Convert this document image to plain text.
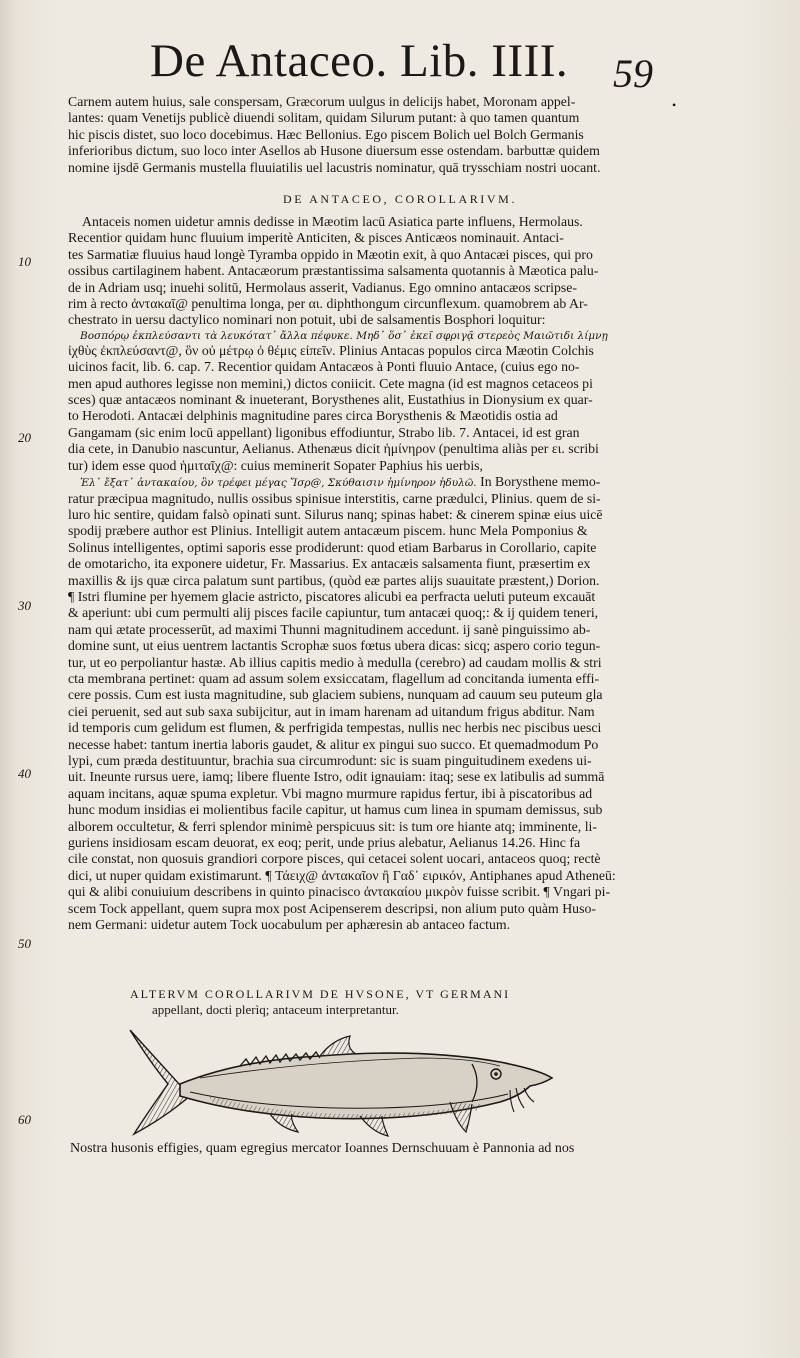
De Antaceo. Lib. IIII. 59
•

Carnem autem huius, sale conspersam, Græcorum uulgus in delicijs habet, Moronam appel-

lantes: quam Venetijs publicè diuendi solitam, quidam Silurum putant: à quo tamen quantum

hic piscis distet, suo loco docebimus. Hæc Bellonius. Ego piscem Bolich uel Bolch Germanis

inferioribus dictum, suo loco inter Asellos ab Husone diuersum esse ostendam. barbuttæ quidem

nomine ijsdē Germanis mustella fluuiatilis uel lacustris nominatur, quā trysschiam nostri uocant.

DE ANTACEO, COROLLARIVM.

Antaceis nomen uidetur amnis dedisse in Mæotim lacū Asiatica parte influens, Hermolaus.

Recentior quidam hunc fluuium imperitè Anticiten, & pisces Anticæos nominauit. Antaci-

tes Sarmatiæ fluuius haud longè Tyramba oppido in Mæotin exit, à quo Antacæi pisces, qui pro

ossibus cartilaginem habent. Antacæorum præstantissima salsamenta quotannis à Mæotica palu-

de in Adriam usq; inuehi solitū, Hermolaus asserit, Vadianus. Ego omnino antacæos scripse-

rim à recto ἀντακαῖ@ penultima longa, per αι. diphthongum circunflexum. quamobrem ab Ar-

chestrato in uersu dactylico nominari non potuit, ubi de salsamentis Bosphori loquitur:

Βοσπόρῳ ἐκπλεύσαντι τὰ λευκότατ᾽ ἄλλα πέφυκε. Μηδ᾽ ὅσ᾽ ἐκεῖ σφριγᾷ στερεὸς Μαιῶτιδι λίμνῃ

ἰχθὺς ἐκπλεύσαντ@, ὃν οὐ μέτρῳ ὀ θέμις εἰπεῖν. Plinius Antacas populos circa Mæotin Colchis

uicinos facit, lib. 6. cap. 7. Recentior quidam Antacæos à Ponti fluuio Antace, (cuius ego no-

men apud authores legisse non memini,) dictos coniicit. Cete magna (id est magnos cetaceos pi

sces) quæ antacæos nominant & inueterant, Borysthenes alit, Eustathius in Dionysium ex quar-

to Herodoti. Antacæi delphinis magnitudine pares circa Borysthenis & Mæotidis ostia ad

Gangamam (sic enim locū appellant) ligonibus effodiuntur, Strabo lib. 7. Antacei, id est gran

dia cete, in Danubio nascuntur, Aelianus. Athenæus dicit ἡμίνηρον (penultima aliàs per ει. scribi

tur) idem esse quod ἡμιταῖχ@: cuius meminerit Sopater Paphius his uerbis,

Ἐλ᾽ ἔξατ᾽ ἀντακαίου, ὃν τρέφει μέγας Ἴσρ@, Σκύθαισιν ἡμίνηρον ἡδυλῶ. In Borysthene memo-

ratur præcipua magnitudo, nullis ossibus spinisue interstitis, carne prædulci, Plinius. quem de si-

luro hic sentire, quidam falsò opinati sunt. Silurus nanq; spinas habet: & cinerem spinæ eius uicē

spodij præbere author est Plinius. Intelligit autem antacæum piscem. hunc Mela Pomponius &

Solinus intelligentes, optimi saporis esse prodiderunt: quod etiam Barbarus in Corollario, capite

de omotaricho, ita exponere uidetur, Fr. Massarius. Ex antacæis salsamenta fiunt, præsertim ex

maxillis & ijs quæ circa palatum sunt partibus, (quòd eæ partes alijs suauitate præstent,) Dorion.

¶ Istri flumine per hyemem glacie astricto, piscatores alicubi ea perfracta ueluti puteum excauāt

& aperiunt: ubi cum permulti alij pisces facile capiuntur, tum antacæi quoq;: & ij quidem teneri,

nam qui ætate processerūt, ad maximi Thunni magnitudinem accedunt. ij sanè pinguissimo ab-

domine sunt, ut eius uentrem lactantis Scrophæ suos fœtus ubera dicas: sicq; aspero corio tegun-

tur, ut eo perpoliantur hastæ. Ab illius capitis medio à medulla (cerebro) ad caudam mollis & stri

cta membrana pertinet: quam ad assum solem exsiccatam, flagellum ad concitanda iumenta effi-

cere possis. Cum est iusta magnitudine, sub glaciem subiens, nunquam ad cauum seu puteum gla

ciei peruenit, sed aut sub saxa subijcitur, aut in imam harenam ad uitandum frigus abditur. Nam

id temporis cum gelidum est flumen, & perfrigida tempestas, nullis nec herbis nec piscibus uesci

necesse habet: tantum inertia laboris gaudet, & alitur ex pingui suo succo. Et quemadmodum Po

lypi, cum præda destituuntur, brachia sua circumrodunt: sic is suam pinguitudinem exedens ui-

uit. Ineunte rursus uere, iamq; libere fluente Istro, odit ignauiam: itaq; sese ex latibulis ad summā

aquam incitans, aquæ spuma expletur. Vbi magno murmure rapidus fertur, ibi à piscatoribus ad

hunc modum insidias ei molientibus facile capitur, ut hamus cum linea in spumam demissus, sub

alborem occultetur, & ferri splendor minimè perspicuus sit: is tum ore hiante atq; imminente, li-

guriens insidiosam escam deuorat, ex eoq; perit, unde prius alebatur, Aelianus 14.26. Hinc fa

cile constat, non quosuis grandiori corpore pisces, qui cetacei solent uocari, antaceos quoq; rectè

dici, ut nuper quidam existimarunt. ¶ Τάειχ@ ἀντακαῖον ἢ Γαδ᾽ ειρικόν, Antiphanes apud Atheneū:

qui & alibi conuiuium describens in quinto pinacisco ἀντακαίου μικρὸν fuisse scribit. ¶ Vngari pi-

scem Tock appellant, quem supra mox post Acipenserem descripsi, non alium puto quàm Huso-

nem Germani: uidetur autem Tock uocabulum per aphæresin ab antaceo factum.

10
20
30
40
50
60
ALTERVM COROLLARIVM DE HVSONE, VT GERMANI
appellant, docti plerìq; antaceum interpretantur.
Nostra husonis effigies, quam egregius mercator Ioannes Dernschuuam è Pannonia ad nos
